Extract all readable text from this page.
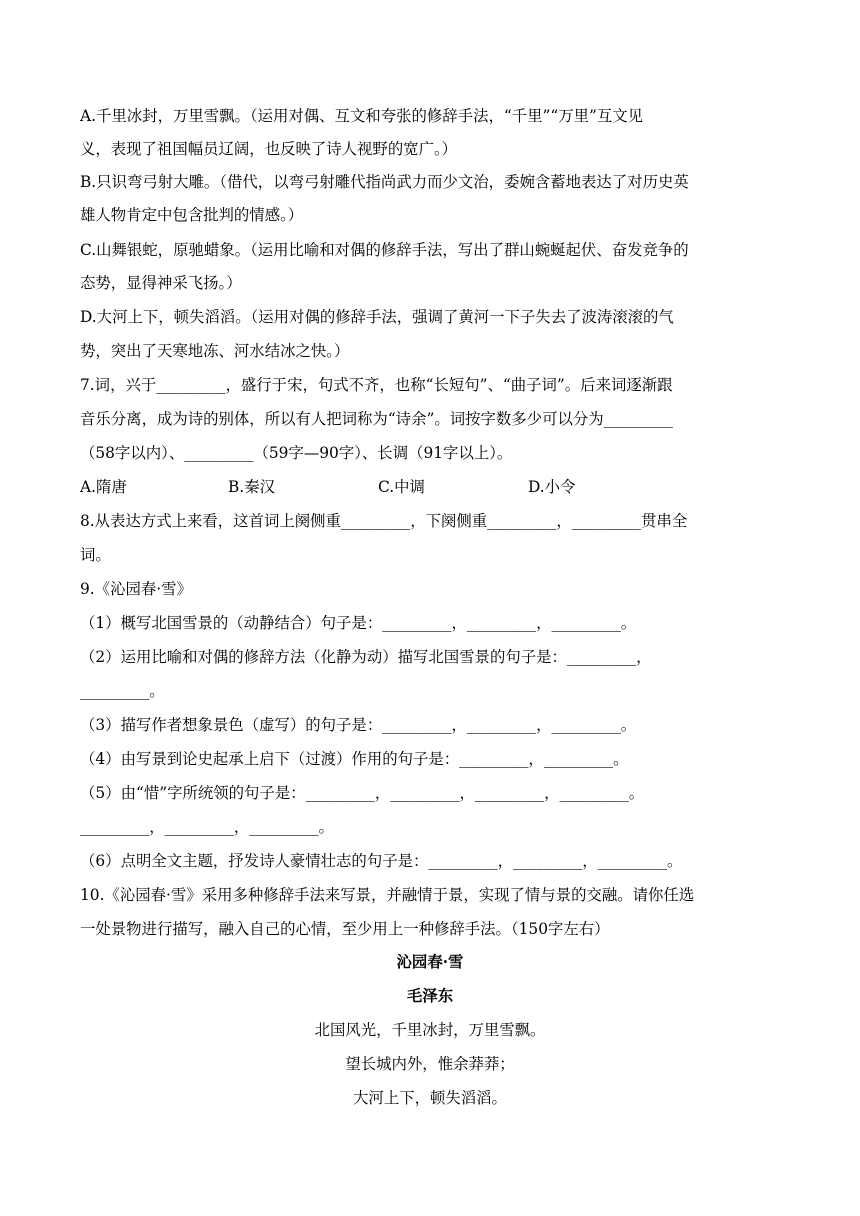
A.千里冰封，万里雪飘。（运用对偶、互文和夸张的修辞手法，“千里”“万里”互文见
义，表现了祖国幅员辽阔，也反映了诗人视野的宽广。）
B.只识弯弓射大雕。（借代，以弯弓射雕代指尚武力而少文治，委婉含蓄地表达了对历史英
雄人物肯定中包含批判的情感。）
C.山舞银蛇，原驰蜡象。（运用比喻和对偶的修辞手法，写出了群山蜿蜒起伏、奋发竞争的
态势，显得神采飞扬。）
D.大河上下，顿失滔滔。（运用对偶的修辞手法，强调了黄河一下子失去了波涛滚滚的气
势，突出了天寒地冻、河水结冰之快。）
7.词，兴于_________，盛行于宋，句式不齐，也称“长短句”、“曲子词”。后来词逐渐跟
音乐分离，成为诗的别体，所以有人把词称为“诗余”。词按字数多少可以分为_________
（58字以内）、_________（59字—90字）、长调（91字以上）。
A.隋唐	B.秦汉	C.中调	D.小令
8.从表达方式上来看，这首词上阕侧重_________，下阕侧重_________，_________贯串全
词。
9.《沁园春·雪》
（1）概写北国雪景的（动静结合）句子是：_________，_________，_________。
（2）运用比喻和对偶的修辞方法（化静为动）描写北国雪景的句子是：_________，
_________。
（3）描写作者想象景色（虚写）的句子是：_________，_________，_________。
（4）由写景到论史起承上启下（过渡）作用的句子是：_________，_________。
（5）由“惜”字所统领的句子是：_________，_________，_________，_________。
_________，_________，_________。
（6）点明全文主题，抒发诗人豪情壮志的句子是：_________，_________，_________。
10.《沁园春·雪》采用多种修辞手法来写景，并融情于景，实现了情与景的交融。请你任选
一处景物进行描写，融入自己的心情，至少用上一种修辞手法。（150字左右）
沁园春·雪
毛泽东
北国风光，千里冰封，万里雪飘。
望长城内外，惟余莽莽；
大河上下，顿失滔滔。
